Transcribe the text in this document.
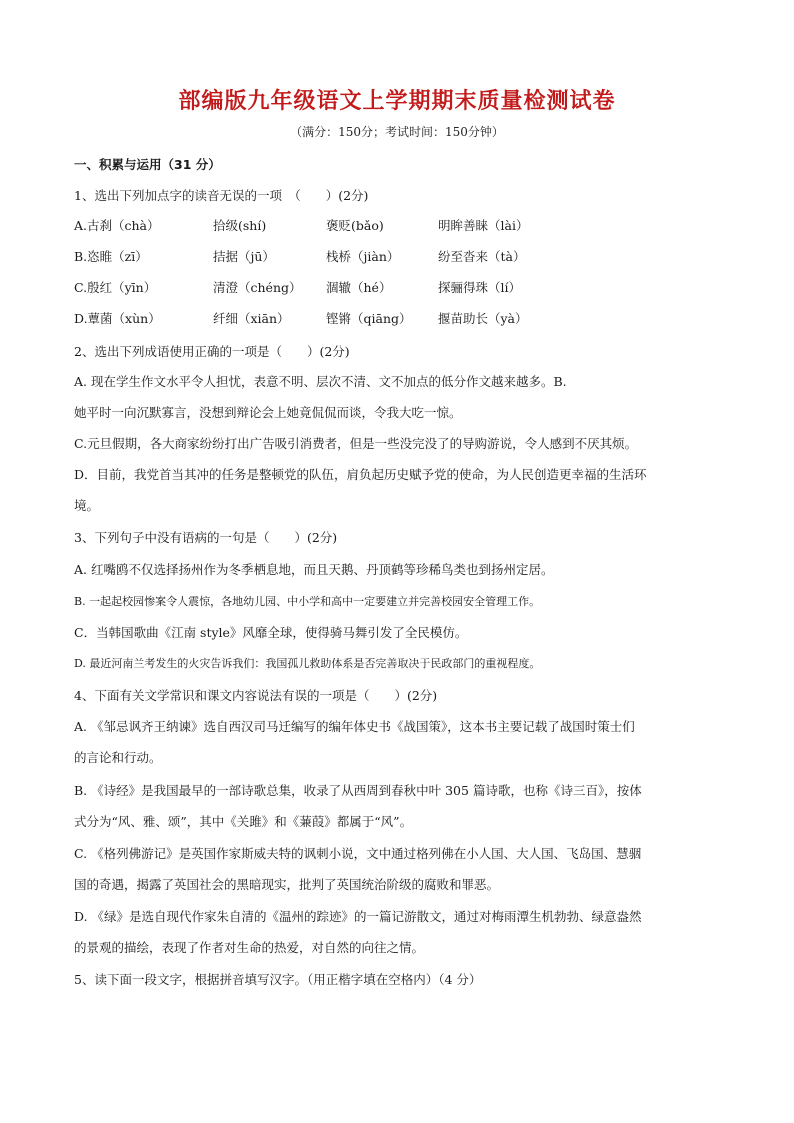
部编版九年级语文上学期期末质量检测试卷
（满分：150分；考试时间：150分钟）
一、积累与运用（31 分）
1、选出下列加点字的读音无误的一项　（　　）(2分)
A.古刹（chà）	拾级(shí)	褒贬(bǎo)	明眸善睐（lài）
B.恣睢（zī）	拮据（jū）	栈桥（jiàn）	纷至沓来（tà）
C.殷红（yīn）	清澄（chéng） 涸辙（hé）	探骊得珠（lí）
D.蕈菌（xùn）	纤细（xiān）	铿锵（qiāng） 揠苗助长（yà）
2、选出下列成语使用正确的一项是（　　）(2分)
A. 现在学生作文水平令人担忧，表意不明、层次不清、文不加点的低分作文越来越多。B.
她平时一向沉默寡言，没想到辩论会上她竟侃侃而谈，令我大吃一惊。
C.元旦假期，各大商家纷纷打出广告吸引消费者，但是一些没完没了的导购游说，令人感到不厌其烦。
D．目前，我党首当其冲的任务是整顿党的队伍，肩负起历史赋予党的使命，为人民创造更幸福的生活环
境。
3、下列句子中没有语病的一句是（　　）(2分)
A. 红嘴鸥不仅选择扬州作为冬季栖息地，而且天鹅、丹顶鹤等珍稀鸟类也到扬州定居。
B. 一起起校园惨案令人震惊，各地幼儿园、中小学和高中一定要建立并完善校园安全管理工作。
C．当韩国歌曲《江南 style》风靡全球，使得骑马舞引发了全民模仿。
D. 最近河南兰考发生的火灾告诉我们：我国孤儿救助体系是否完善取决于民政部门的重视程度。
4、下面有关文学常识和课文内容说法有误的一项是（　　）(2分)
A. 《邹忌讽齐王纳谏》选自西汉司马迁编写的编年体史书《战国策》，这本书主要记载了战国时策士们
的言论和行动。
B. 《诗经》是我国最早的一部诗歌总集，收录了从西周到春秋中叶 305 篇诗歌，也称《诗三百》，按体
式分为“风、雅、颂”，其中《关雎》和《蒹葭》都属于“风”。
C. 《格列佛游记》是英国作家斯威夫特的讽刺小说，文中通过格列佛在小人国、大人国、飞岛国、慧骃
国的奇遇，揭露了英国社会的黑暗现实，批判了英国统治阶级的腐败和罪恶。
D. 《绿》是选自现代作家朱自清的《温州的踪迹》的一篇记游散文，通过对梅雨潭生机勃勃、绿意盎然
的景观的描绘，表现了作者对生命的热爱，对自然的向往之情。
5、读下面一段文字，根据拼音填写汉字。（用正楷字填在空格内）（4 分）
